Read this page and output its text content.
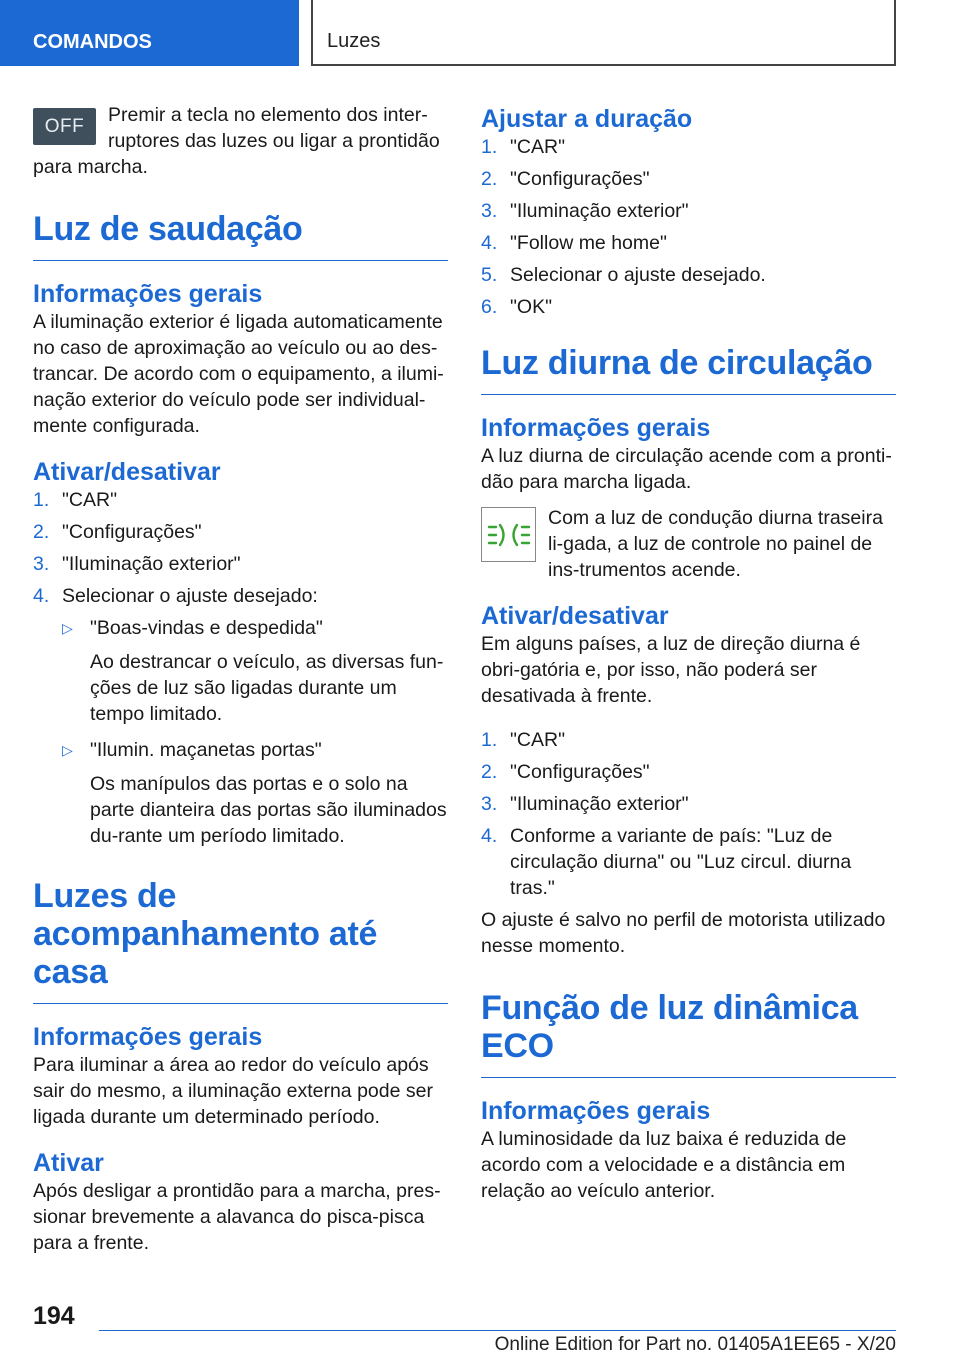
COMANDOS	Luzes
OFF

Premir a tecla no elemento dos inter-ruptores das luzes ou ligar a prontidão para marcha.

Luz de saudação
Informações gerais

A iluminação exterior é ligada automaticamente no caso de aproximação ao veículo ou ao des-trancar. De acordo com o equipamento, a ilumi-nação exterior do veículo pode ser individual-mente configurada.

Ativar/desativar
1. "CAR"
2. "Configurações"
3. "Iluminação exterior"
4. Selecionar o ajuste desejado:
▷ "Boas-vindas e despedida"
Ao destrancar o veículo, as diversas fun-ções de luz são ligadas durante um tempo limitado.
▷ "Ilumin. maçanetas portas"
Os manípulos das portas e o solo na parte dianteira das portas são iluminados du-rante um período limitado.
Luzes de acompanhamento até casa
Informações gerais

Para iluminar a área ao redor do veículo após sair do mesmo, a iluminação externa pode ser ligada durante um determinado período.

Ativar

Após desligar a prontidão para a marcha, pres-sionar brevemente a alavanca do pisca-pisca para a frente.

Ajustar a duração
1. "CAR"
2. "Configurações"
3. "Iluminação exterior"
4. "Follow me home"
5. Selecionar o ajuste desejado.
6. "OK"
Luz diurna de circulação
Informações gerais

A luz diurna de circulação acende com a pronti-dão para marcha ligada.

Com a luz de condução diurna traseira li-gada, a luz de controle no painel de ins-trumentos acende.

Ativar/desativar

Em alguns países, a luz de direção diurna é obri-gatória e, por isso, não poderá ser desativada à frente.

1. "CAR"
2. "Configurações"
3. "Iluminação exterior"
4. Conforme a variante de país: "Luz de circulação diurna" ou "Luz circul. diurna tras."

O ajuste é salvo no perfil de motorista utilizado nesse momento.

Função de luz dinâmica ECO
Informações gerais

A luminosidade da luz baixa é reduzida de acordo com a velocidade e a distância em relação ao veículo anterior.

194
Online Edition for Part no. 01405A1EE65 - X/20
